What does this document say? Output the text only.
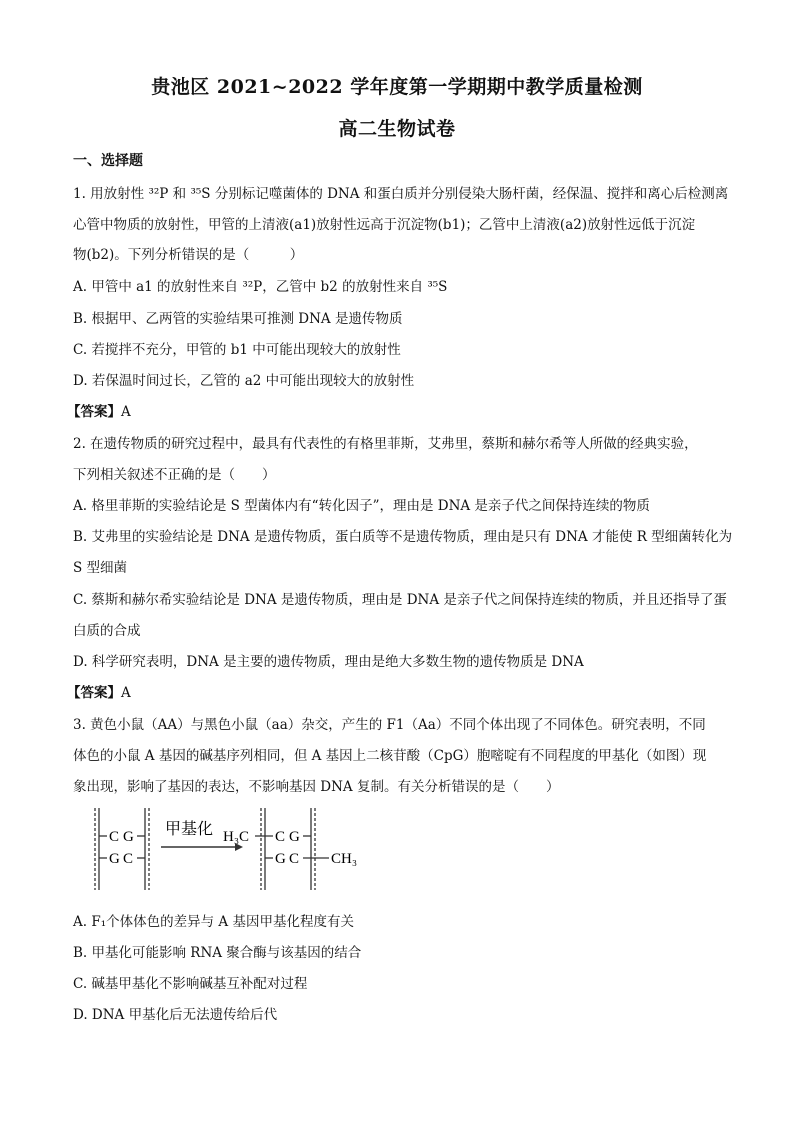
贵池区 2021~2022 学年度第一学期期中教学质量检测
高二生物试卷
一、选择题
1. 用放射性 ³²P 和 ³⁵S 分别标记噬菌体的 DNA 和蛋白质并分别侵染大肠杆菌，经保温、搅拌和离心后检测离
心管中物质的放射性，甲管的上清液(a1)放射性远高于沉淀物(b1)；乙管中上清液(a2)放射性远低于沉淀
物(b2)。下列分析错误的是（　　　）
A. 甲管中 a1 的放射性来自 ³²P，乙管中 b2 的放射性来自 ³⁵S
B. 根据甲、乙两管的实验结果可推测 DNA 是遗传物质
C. 若搅拌不充分，甲管的 b1 中可能出现较大的放射性
D. 若保温时间过长，乙管的 a2 中可能出现较大的放射性
【答案】A
2. 在遗传物质的研究过程中，最具有代表性的有格里菲斯，艾弗里，蔡斯和赫尔希等人所做的经典实验，
下列相关叙述不正确的是（　　）
A. 格里菲斯的实验结论是 S 型菌体内有“转化因子”，理由是 DNA 是亲子代之间保持连续的物质
B. 艾弗里的实验结论是 DNA 是遗传物质，蛋白质等不是遗传物质，理由是只有 DNA 才能使 R 型细菌转化为
S 型细菌
C. 蔡斯和赫尔希实验结论是 DNA 是遗传物质，理由是 DNA 是亲子代之间保持连续的物质，并且还指导了蛋
白质的合成
D. 科学研究表明，DNA 是主要的遗传物质，理由是绝大多数生物的遗传物质是 DNA
【答案】A
3. 黄色小鼠（AA）与黑色小鼠（aa）杂交，产生的 F1（Aa）不同个体出现了不同体色。研究表明，不同
体色的小鼠 A 基因的碱基序列相同，但 A 基因上二核苷酸（CpG）胞嘧啶有不同程度的甲基化（如图）现
象出现，影响了基因的表达，不影响基因 DNA 复制。有关分析错误的是（　　）
C G
G C
甲基化 H₃C C G
G C CH₃
A. F₁个体体色的差异与 A 基因甲基化程度有关
B. 甲基化可能影响 RNA 聚合酶与该基因的结合
C. 碱基甲基化不影响碱基互补配对过程
D. DNA 甲基化后无法遗传给后代
